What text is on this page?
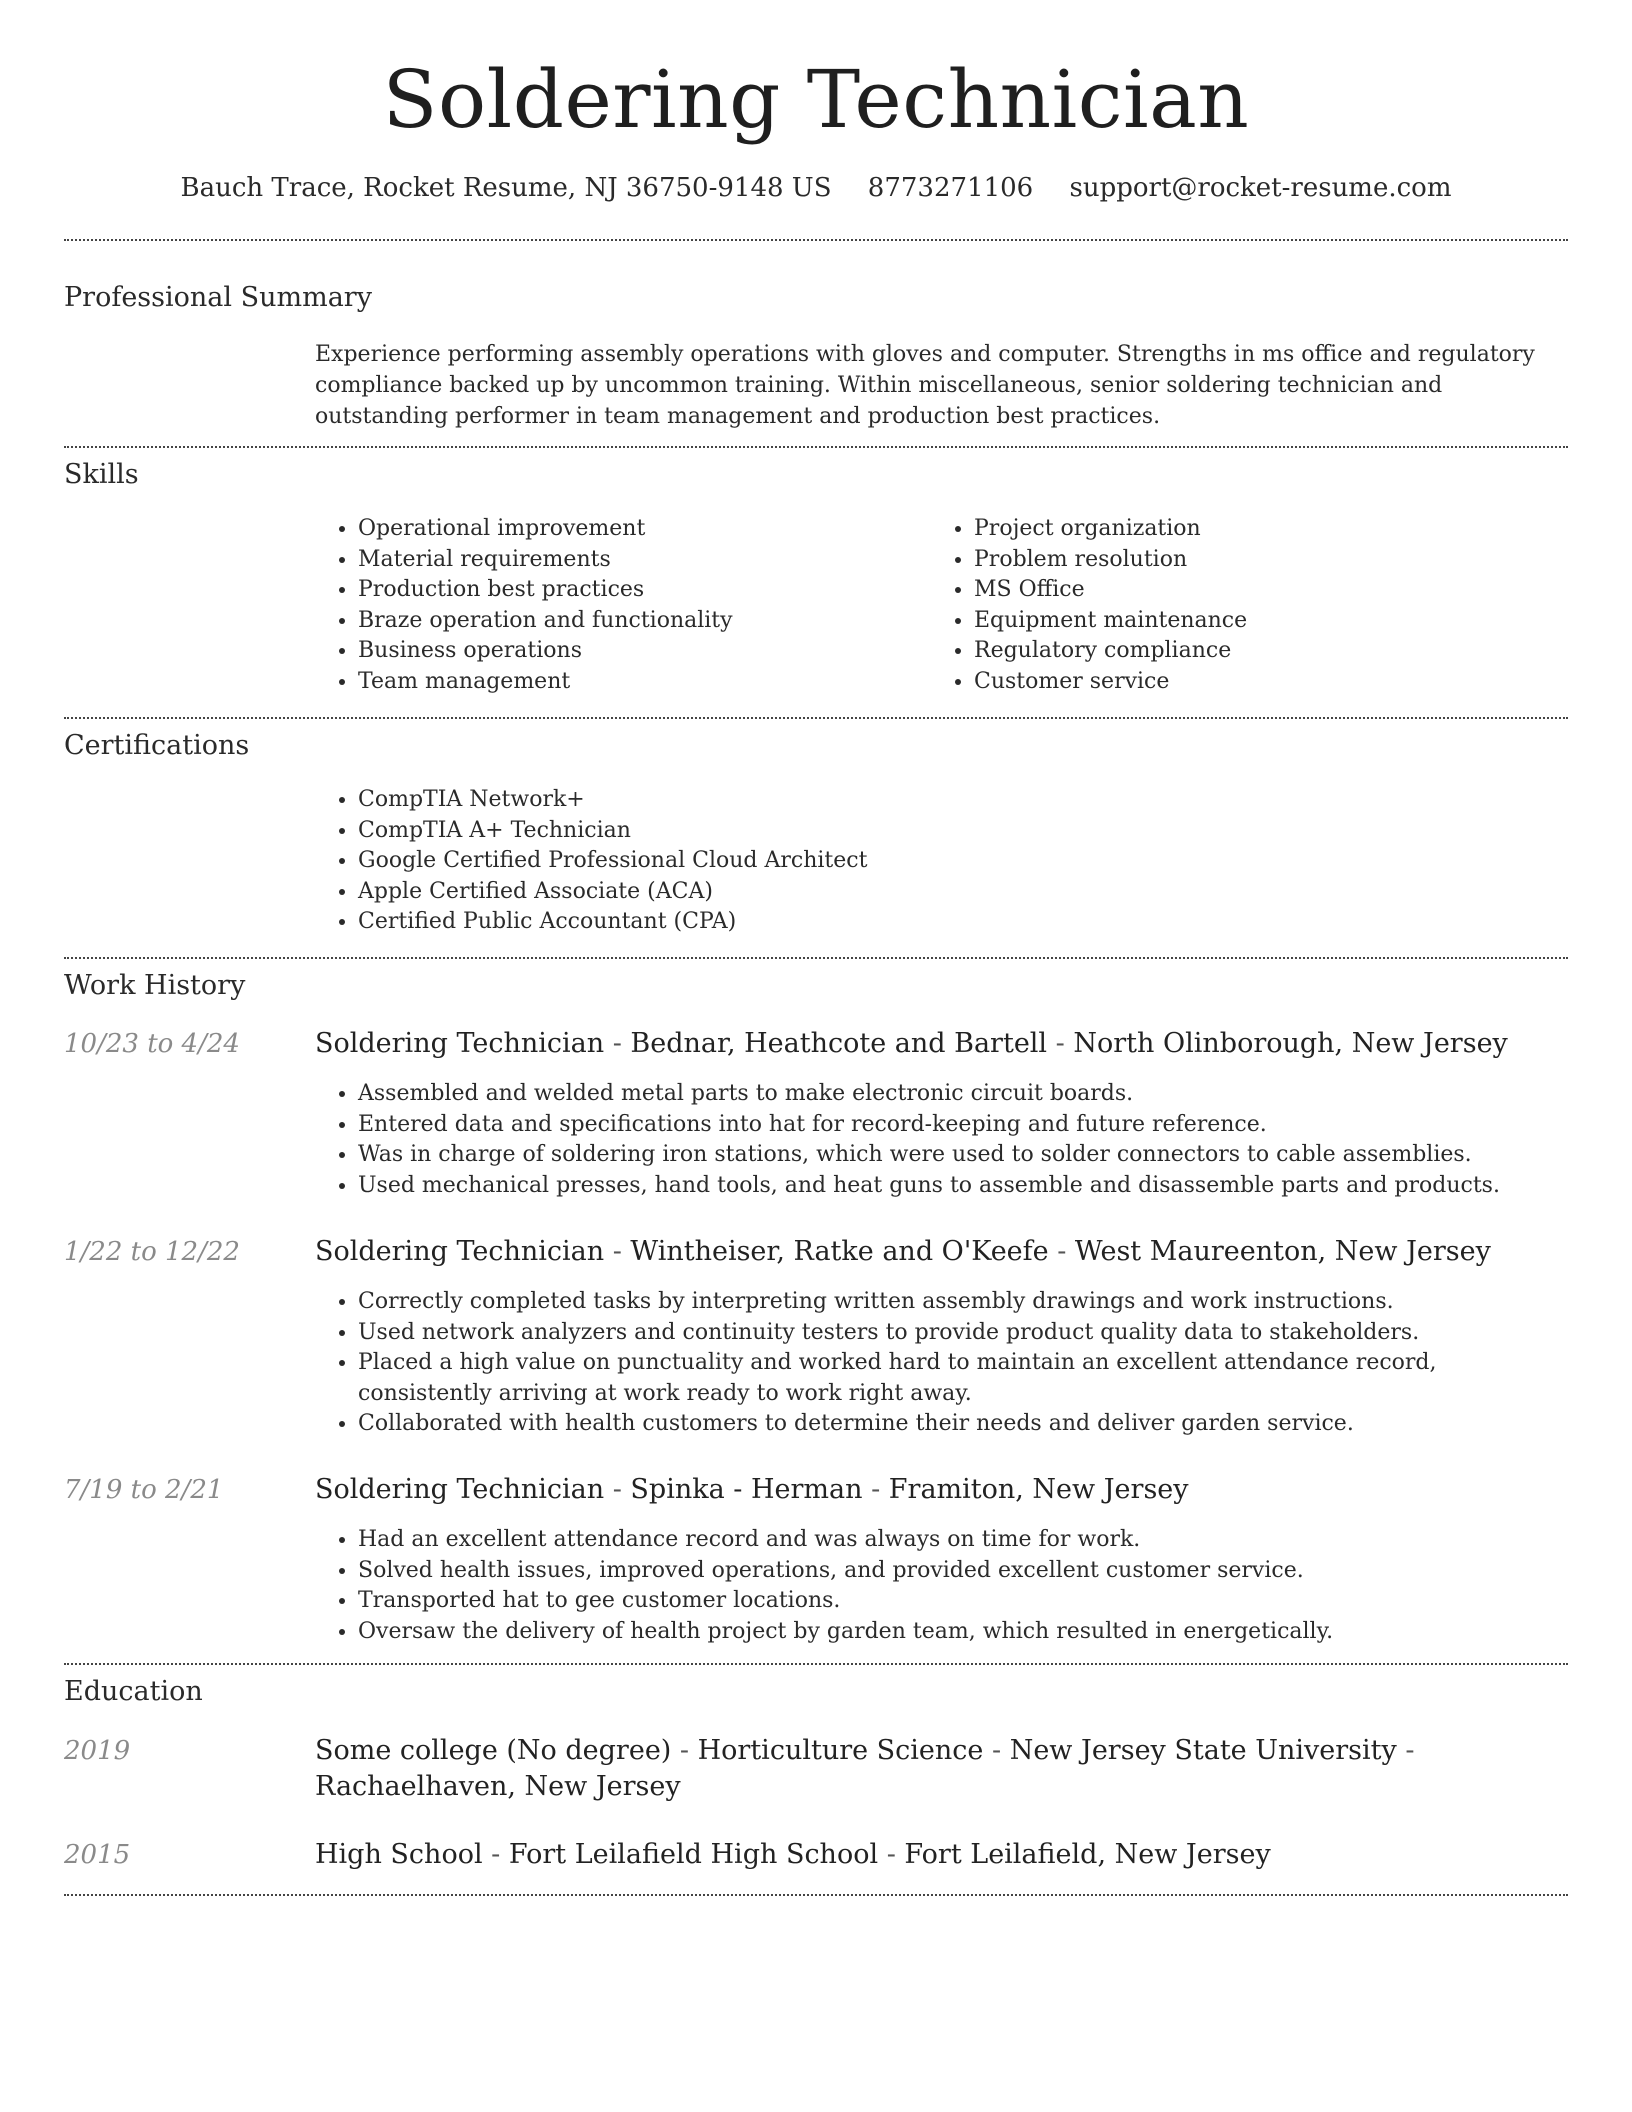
Soldering Technician
Bauch Trace, Rocket Resume, NJ 36750-9148 US 8773271106 support@rocket-resume.com
Professional Summary
Experience performing assembly operations with gloves and computer. Strengths in ms office and regulatory compliance backed up by uncommon training. Within miscellaneous, senior soldering technician and outstanding performer in team management and production best practices.
Skills
• Operational improvement
• Material requirements
• Production best practices
• Braze operation and functionality
• Business operations
• Team management
• Project organization
• Problem resolution
• MS Office
• Equipment maintenance
• Regulatory compliance
• Customer service
Certifications
• CompTIA Network+
• CompTIA A+ Technician
• Google Certified Professional Cloud Architect
• Apple Certified Associate (ACA)
• Certified Public Accountant (CPA)
Work History
10/23 to 4/24	Soldering Technician - Bednar, Heathcote and Bartell - North Olinborough, New Jersey
• Assembled and welded metal parts to make electronic circuit boards.
• Entered data and specifications into hat for record-keeping and future reference.
• Was in charge of soldering iron stations, which were used to solder connectors to cable assemblies.
• Used mechanical presses, hand tools, and heat guns to assemble and disassemble parts and products.
1/22 to 12/22	Soldering Technician - Wintheiser, Ratke and O'Keefe - West Maureenton, New Jersey
• Correctly completed tasks by interpreting written assembly drawings and work instructions.
• Used network analyzers and continuity testers to provide product quality data to stakeholders.
• Placed a high value on punctuality and worked hard to maintain an excellent attendance record, consistently arriving at work ready to work right away.
• Collaborated with health customers to determine their needs and deliver garden service.
7/19 to 2/21	Soldering Technician - Spinka - Herman - Framiton, New Jersey
• Had an excellent attendance record and was always on time for work.
• Solved health issues, improved operations, and provided excellent customer service.
• Transported hat to gee customer locations.
• Oversaw the delivery of health project by garden team, which resulted in energetically.
Education
2019	Some college (No degree) - Horticulture Science - New Jersey State University - Rachaelhaven, New Jersey
2015	High School - Fort Leilafield High School - Fort Leilafield, New Jersey
